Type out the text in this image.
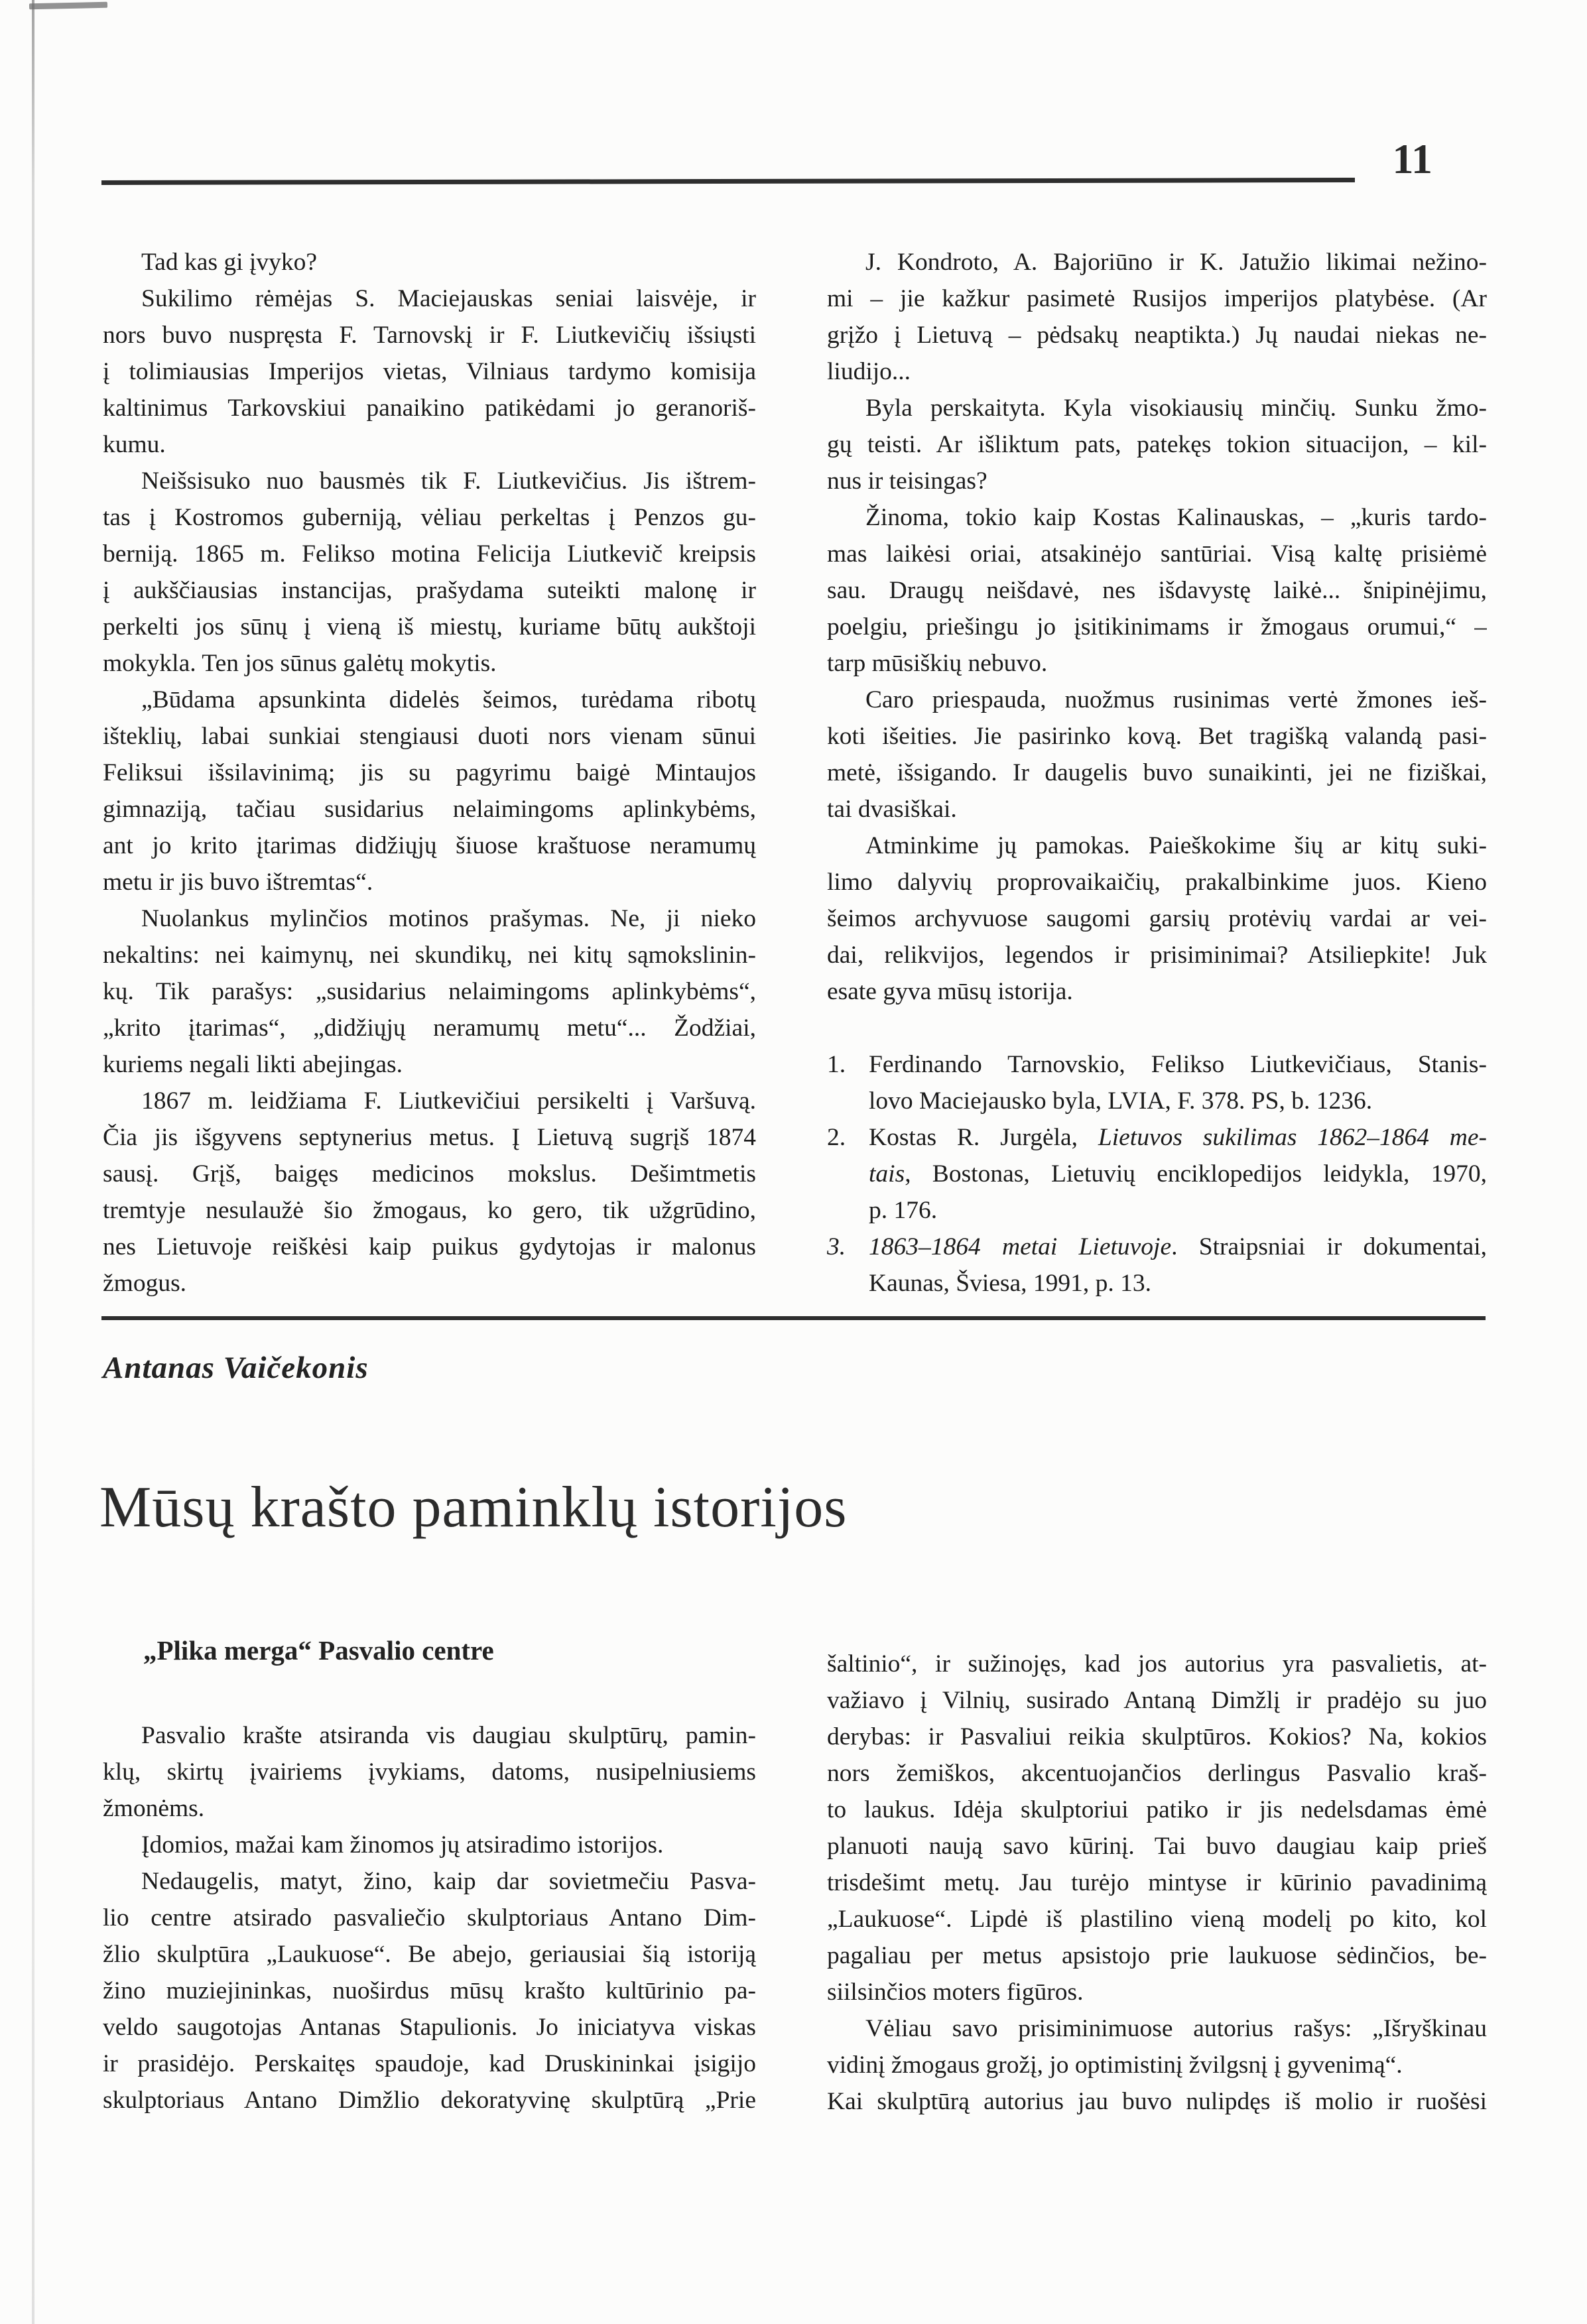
11
Tad kas gi įvyko?
Sukilimo rėmėjas S. Maciejauskas seniai laisvėje, ir
nors buvo nuspręsta F. Tarnovskį ir F. Liutkevičių išsiųsti
į tolimiausias Imperijos vietas, Vilniaus tardymo komisija
kaltinimus Tarkovskiui panaikino patikėdami jo geranoriš-
kumu.
Neišsisuko nuo bausmės tik F. Liutkevičius. Jis ištrem-
tas į Kostromos guberniją, vėliau perkeltas į Penzos gu-
berniją. 1865 m. Felikso motina Felicija Liutkevič kreipsis
į aukščiausias instancijas, prašydama suteikti malonę ir
perkelti jos sūnų į vieną iš miestų, kuriame būtų aukštoji
mokykla. Ten jos sūnus galėtų mokytis.
„Būdama apsunkinta didelės šeimos, turėdama ribotų
išteklių, labai sunkiai stengiausi duoti nors vienam sūnui
Feliksui išsilavinimą; jis su pagyrimu baigė Mintaujos
gimnaziją, tačiau susidarius nelaimingoms aplinkybėms,
ant jo krito įtarimas didžiųjų šiuose kraštuose neramumų
metu ir jis buvo ištremtas“.
Nuolankus mylinčios motinos prašymas. Ne, ji nieko
nekaltins: nei kaimynų, nei skundikų, nei kitų sąmokslinin-
kų. Tik parašys: „susidarius nelaimingoms aplinkybėms“,
„krito įtarimas“, „didžiųjų neramumų metu“... Žodžiai,
kuriems negali likti abejingas.
1867 m. leidžiama F. Liutkevičiui persikelti į Varšuvą.
Čia jis išgyvens septynerius metus. Į Lietuvą sugrįš 1874
sausį. Grįš, baigęs medicinos mokslus. Dešimtmetis
tremtyje nesulaužė šio žmogaus, ko gero, tik užgrūdino,
nes Lietuvoje reiškėsi kaip puikus gydytojas ir malonus
žmogus.
J. Kondroto, A. Bajoriūno ir K. Jatužio likimai nežino-
mi – jie kažkur pasimetė Rusijos imperijos platybėse. (Ar
grįžo į Lietuvą – pėdsakų neaptikta.) Jų naudai niekas ne-
liudijo...
Byla perskaityta. Kyla visokiausių minčių. Sunku žmo-
gų teisti. Ar išliktum pats, patekęs tokion situacijon, – kil-
nus ir teisingas?
Žinoma, tokio kaip Kostas Kalinauskas, – „kuris tardo-
mas laikėsi oriai, atsakinėjo santūriai. Visą kaltę prisiėmė
sau. Draugų neišdavė, nes išdavystę laikė... šnipinėjimu,
poelgiu, priešingu jo įsitikinimams ir žmogaus orumui,“ –
tarp mūsiškių nebuvo.
Caro priespauda, nuožmus rusinimas vertė žmones ieš-
koti išeities. Jie pasirinko kovą. Bet tragišką valandą pasi-
metė, išsigando. Ir daugelis buvo sunaikinti, jei ne fiziškai,
tai dvasiškai.
Atminkime jų pamokas. Paieškokime šių ar kitų suki-
limo dalyvių proprovaikaičių, prakalbinkime juos. Kieno
šeimos archyvuose saugomi garsių protėvių vardai ar vei-
dai, relikvijos, legendos ir prisiminimai? Atsiliepkite! Juk
esate gyva mūsų istorija.
1. Ferdinando Tarnovskio, Felikso Liutkevičiaus, Stanis-
lovo Maciejausko byla, LVIA, F. 378. PS, b. 1236.
2. Kostas R. Jurgėla, Lietuvos sukilimas 1862–1864 me-
tais, Bostonas, Lietuvių enciklopedijos leidykla, 1970,
p. 176.
3. 1863–1864 metai Lietuvoje. Straipsniai ir dokumentai,
Kaunas, Šviesa, 1991, p. 13.
Antanas Vaičekonis
Mūsų krašto paminklų istorijos
„Plika merga“ Pasvalio centre
Pasvalio krašte atsiranda vis daugiau skulptūrų, pamin-
klų, skirtų įvairiems įvykiams, datoms, nusipelniusiems
žmonėms.
Įdomios, mažai kam žinomos jų atsiradimo istorijos.
Nedaugelis, matyt, žino, kaip dar sovietmečiu Pasva-
lio centre atsirado pasvaliečio skulptoriaus Antano Dim-
žlio skulptūra „Laukuose“. Be abejo, geriausiai šią istoriją
žino muziejininkas, nuoširdus mūsų krašto kultūrinio pa-
veldo saugotojas Antanas Stapulionis. Jo iniciatyva viskas
ir prasidėjo. Perskaitęs spaudoje, kad Druskininkai įsigijo
skulptoriaus Antano Dimžlio dekoratyvinę skulptūrą „Prie
šaltinio“, ir sužinojęs, kad jos autorius yra pasvalietis, at-
važiavo į Vilnių, susirado Antaną Dimžlį ir pradėjo su juo
derybas: ir Pasvaliui reikia skulptūros. Kokios? Na, kokios
nors žemiškos, akcentuojančios derlingus Pasvalio kraš-
to laukus. Idėja skulptoriui patiko ir jis nedelsdamas ėmė
planuoti naują savo kūrinį. Tai buvo daugiau kaip prieš
trisdešimt metų. Jau turėjo mintyse ir kūrinio pavadinimą
„Laukuose“. Lipdė iš plastilino vieną modelį po kito, kol
pagaliau per metus apsistojo prie laukuose sėdinčios, be-
siilsinčios moters figūros.
Vėliau savo prisiminimuose autorius rašys: „Išryškinau
vidinį žmogaus grožį, jo optimistinį žvilgsnį į gyvenimą“.
Kai skulptūrą autorius jau buvo nulipdęs iš molio ir ruošėsi
